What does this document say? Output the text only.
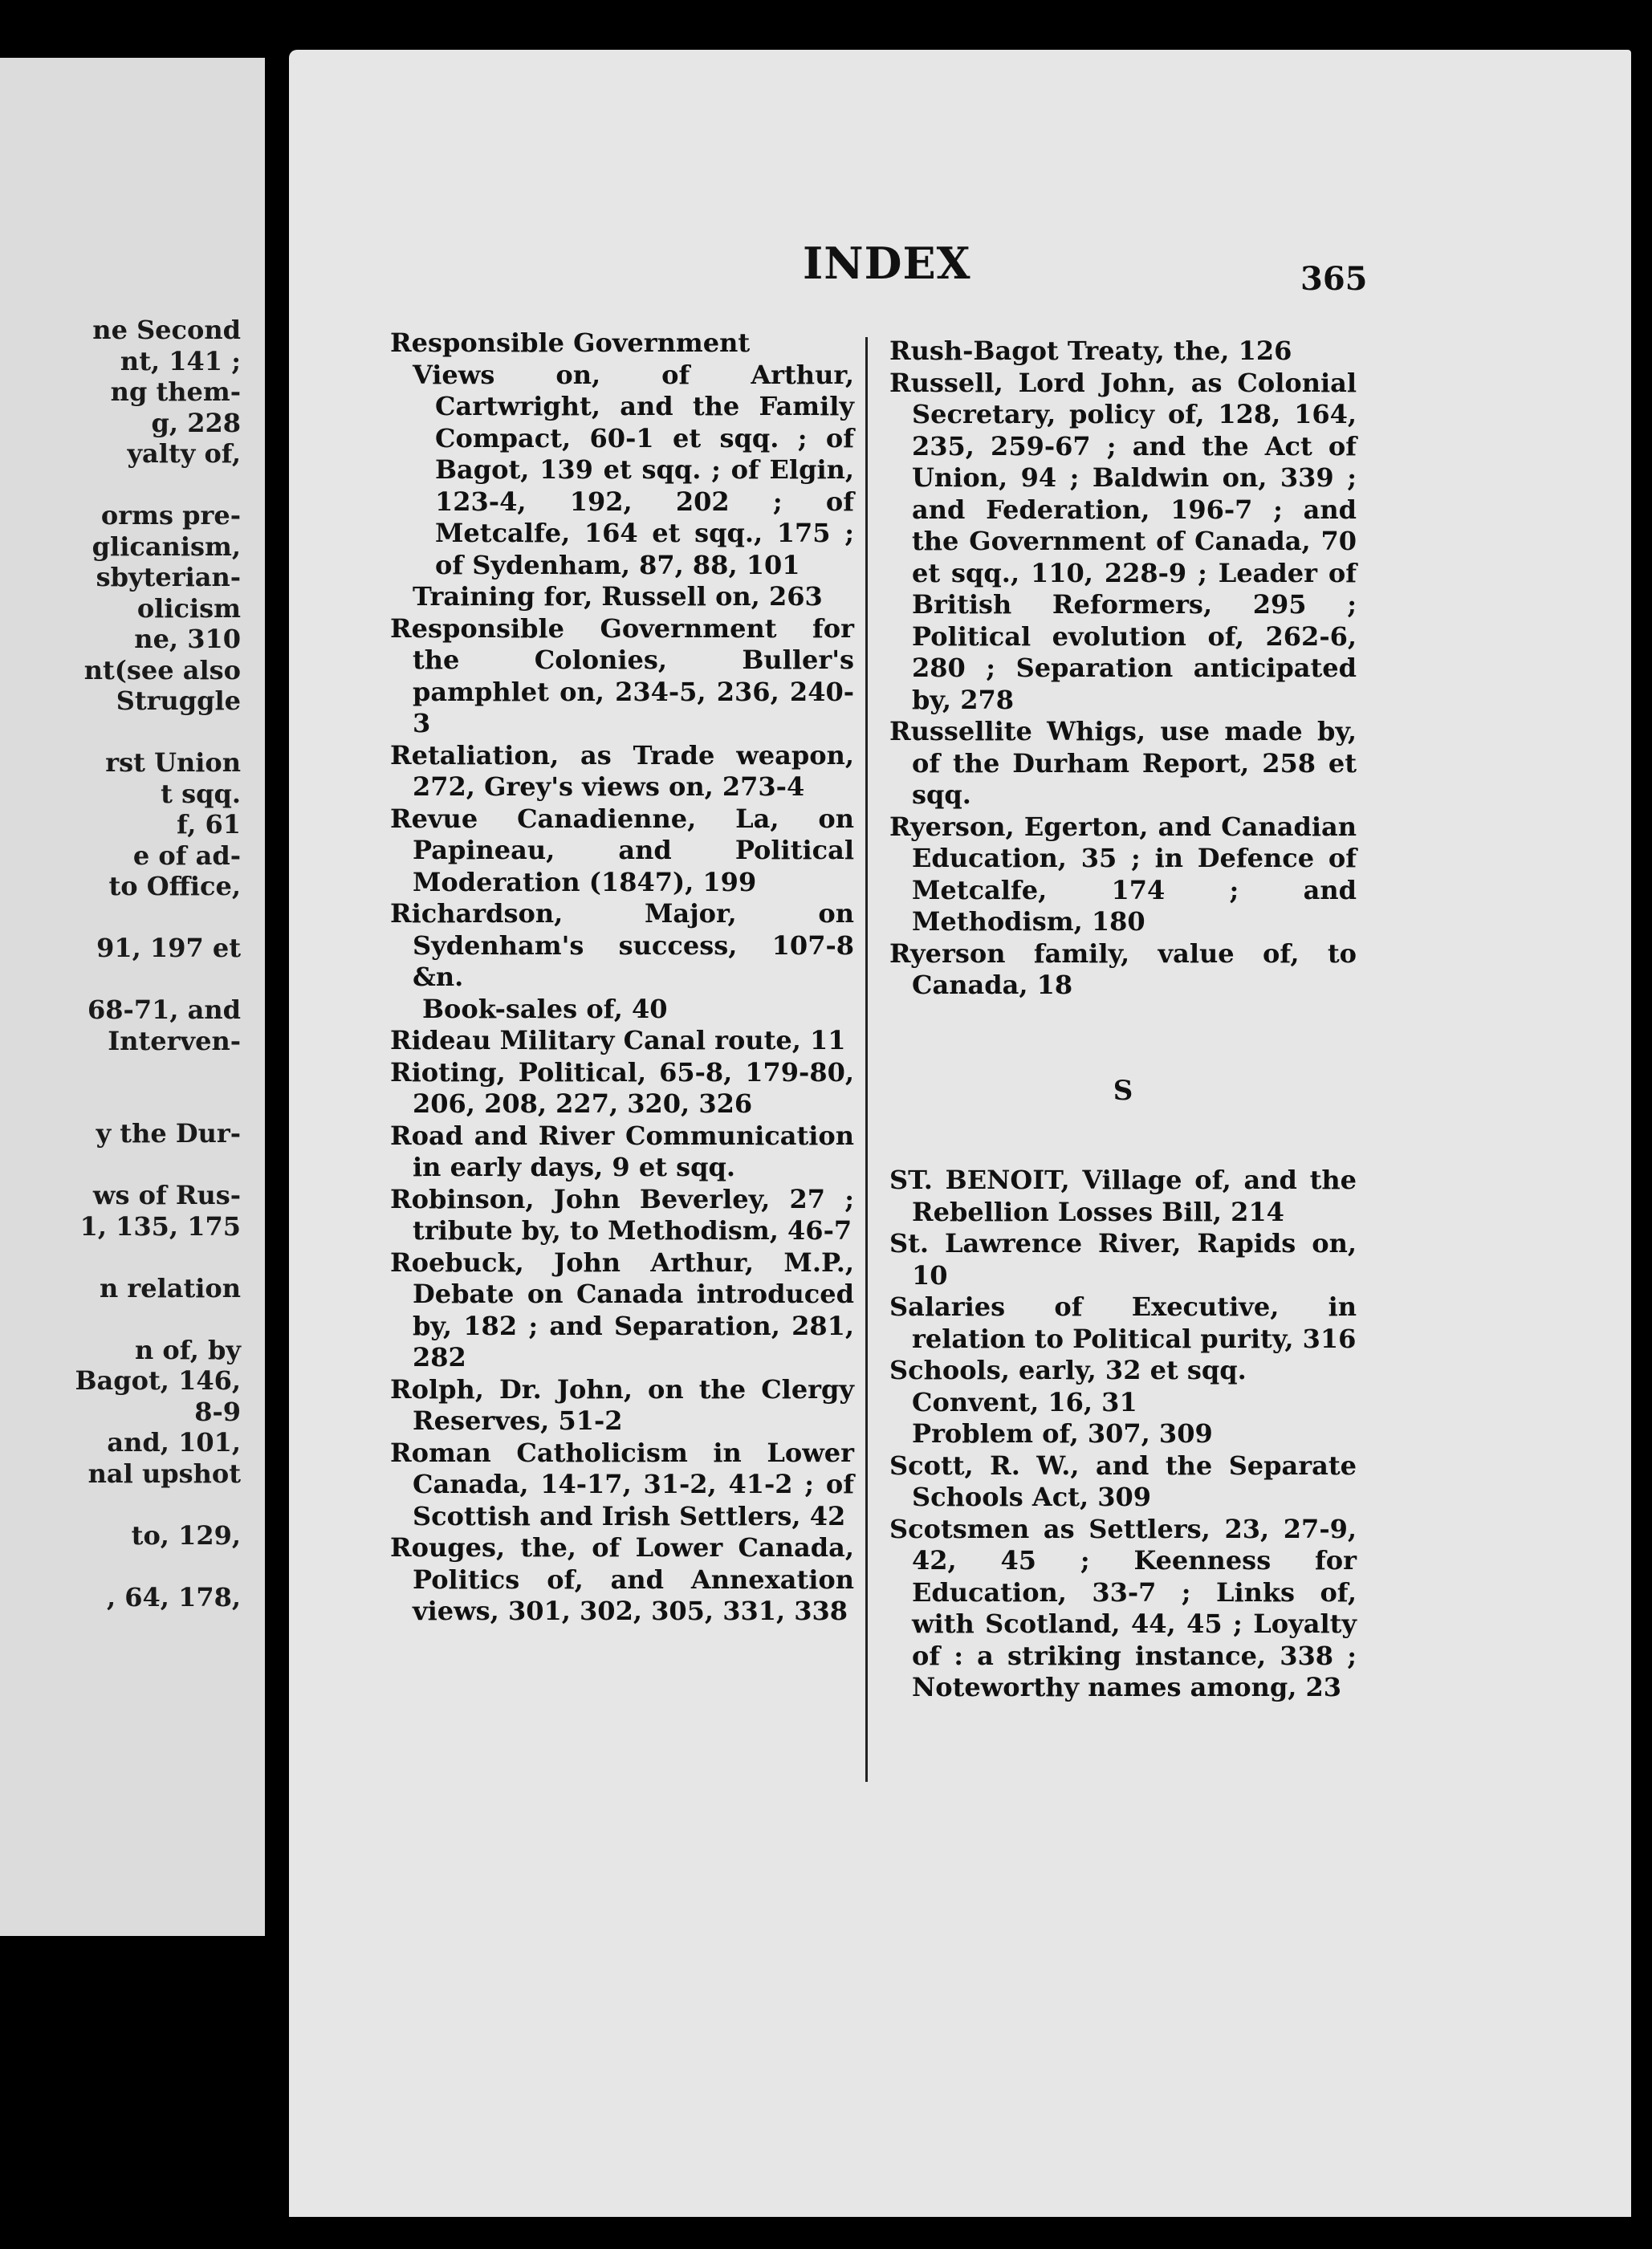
ne Second

nt, 141 ;

ng them-

g, 228

yalty of,

orms pre-

glicanism,

sbyterian-

olicism

ne, 310

nt(see also

Struggle

rst Union

t sqq.

f, 61

e of ad-

to Office,

91, 197 et

68-71, and

Interven-

y the Dur-

ws of Rus-

1, 135, 175

n relation

n of, by

Bagot, 146,

8-9

and, 101,

nal upshot

to, 129,

, 64, 178,

INDEX	365

Responsible Government

Views on, of Arthur, Cartwright, and the Family Compact, 60-1 et sqq. ; of Bagot, 139 et sqq. ; of Elgin, 123-4, 192, 202 ; of Metcalfe, 164 et sqq., 175 ; of Sydenham, 87, 88, 101

Training for, Russell on, 263

Responsible Government for the Colonies, Buller's pamphlet on, 234-5, 236, 240-3

Retaliation, as Trade weapon, 272, Grey's views on, 273-4

Revue Canadienne, La, on Papineau, and Political Moderation (1847), 199

Richardson, Major, on Sydenham's success, 107-8 &n.

Book-sales of, 40

Rideau Military Canal route, 11

Rioting, Political, 65-8, 179-80, 206, 208, 227, 320, 326

Road and River Communication in early days, 9 et sqq.

Robinson, John Beverley, 27 ; tribute by, to Methodism, 46-7

Roebuck, John Arthur, M.P., Debate on Canada introduced by, 182 ; and Separation, 281, 282

Rolph, Dr. John, on the Clergy Reserves, 51-2

Roman Catholicism in Lower Canada, 14-17, 31-2, 41-2 ; of Scottish and Irish Settlers, 42

Rouges, the, of Lower Canada, Politics of, and Annexation views, 301, 302, 305, 331, 338

Rush-Bagot Treaty, the, 126

Russell, Lord John, as Colonial Secretary, policy of, 128, 164, 235, 259-67 ; and the Act of Union, 94 ; Baldwin on, 339 ; and Federation, 196-7 ; and the Government of Canada, 70 et sqq., 110, 228-9 ; Leader of British Reformers, 295 ; Political evolution of, 262-6, 280 ; Separation anticipated by, 278

Russellite Whigs, use made by, of the Durham Report, 258 et sqq.

Ryerson, Egerton, and Canadian Education, 35 ; in Defence of Metcalfe, 174 ; and Methodism, 180

Ryerson family, value of, to Canada, 18

S

ST. BENOIT, Village of, and the Rebellion Losses Bill, 214

St. Lawrence River, Rapids on, 10

Salaries of Executive, in relation to Political purity, 316

Schools, early, 32 et sqq.

Convent, 16, 31

Problem of, 307, 309

Scott, R. W., and the Separate Schools Act, 309

Scotsmen as Settlers, 23, 27-9, 42, 45 ; Keenness for Education, 33-7 ; Links of, with Scotland, 44, 45 ; Loyalty of : a striking instance, 338 ; Noteworthy names among, 23
